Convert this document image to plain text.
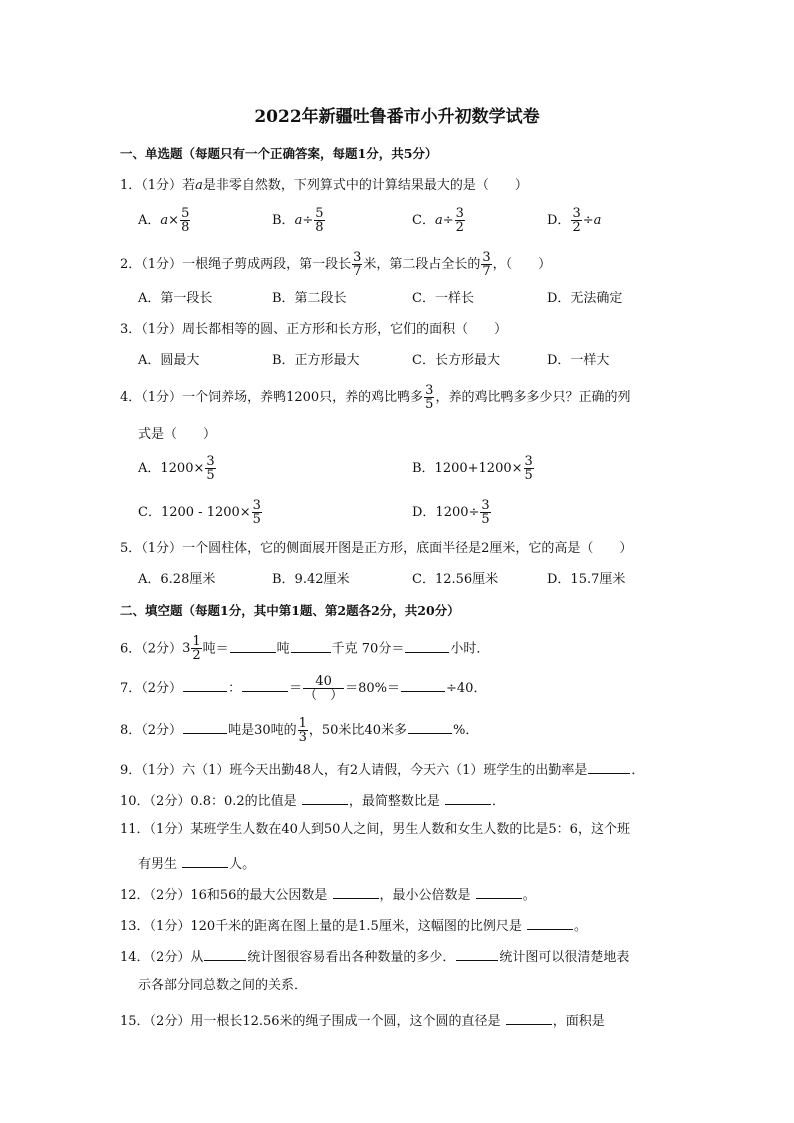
2022年新疆吐鲁番市小升初数学试卷
一、单选题（每题只有一个正确答案，每题1分，共5分）
1．（1分）若a是非零自然数，下列算式中的计算结果最大的是（　　）
A．$a\times \frac{5}{8}$	B．$a\div \frac{5}{8}$	C．$a\div \frac{3}{2}$	D． $\frac{3}{2} \div a$
2．（1分）一根绳子剪成两段，第一段长 $\frac{3}{7}$ 米，第二段占全长的 $\frac{3}{7}$ ，（　　）
A．第一段长	B．第二段长	C．一样长	D．无法确定
3．（1分）周长都相等的圆、正方形和长方形，它们的面积（　　）
A．圆最大	B．正方形最大	C．长方形最大	D．一样大
4．（1分）一个饲养场，养鸭1200只，养的鸡比鸭多 $\frac{3}{5}$ ，养的鸡比鸭多多少只？正确的列
式是（　　）
A．$1200\times \frac{3}{5}$	B．$1200+1200\times \frac{3}{5}$
C．$1200 - 1200\times \frac{3}{5}$	D．$1200\div \frac{3}{5}$
5．（1分）一个圆柱体，它的侧面展开图是正方形，底面半径是2厘米，它的高是（　　）
A．6.28厘米	B．9.42厘米	C．12.56厘米	D．15.7厘米
二、填空题（每题1分，其中第1题、第2题各2分，共20分）
6．（2分）$3 \frac{1}{2}$ 吨＝	吨	千克 70分＝	小时．
7．（2分）	：	＝ $\frac{40}{( )} =80\%=$	÷40．
8．（2分）	吨是30吨的 $\frac{1}{3}$ ，50米比40米多	%．
9．（1分）六（1）班今天出勤48人，有2人请假，今天六（1）班学生的出勤率是	．
10．（2分）0.8：0.2的比值是	，最简整数比是	．
11．（1分）某班学生人数在40人到50人之间，男生人数和女生人数的比是5：6，这个班
有男生	人。
12．（2分）16和56的最大公因数是	，最小公倍数是	。
13．（1分）120千米的距离在图上量的是1.5厘米，这幅图的比例尺是	。
14．（2分）从	统计图很容易看出各种数量的多少．	统计图可以很清楚地表
示各部分同总数之间的关系．
15．（2分）用一根长12.56米的绳子围成一个圆，这个圆的直径是	，面积是
